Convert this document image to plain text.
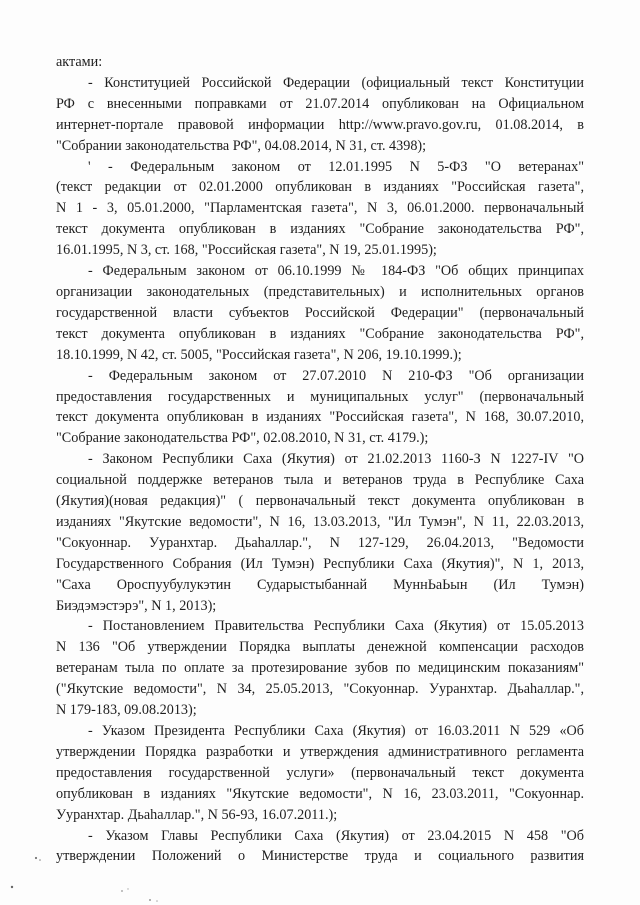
актами:
- Конституцией Российской Федерации (официальный текст Конституции
РФ с внесенными поправками от 21.07.2014 опубликован на Официальном
интернет-портале правовой информации http://www.pravo.gov.ru, 01.08.2014, в
"Собрании законодательства РФ", 04.08.2014, N 31, ст. 4398);
' - Федеральным законом от 12.01.1995 N 5-ФЗ "О ветеранах"
(текст редакции от 02.01.2000 опубликован в изданиях "Российская газета",
N 1 - 3, 05.01.2000, "Парламентская газета", N 3, 06.01.2000. первоначальный
текст документа опубликован в изданиях "Собрание законодательства РФ",
16.01.1995, N 3, ст. 168, "Российская газета", N 19, 25.01.1995);
- Федеральным законом от 06.10.1999 № 184-ФЗ "Об общих принципах
организации законодательных (представительных) и исполнительных органов
государственной власти субъектов Российской Федерации" (первоначальный
текст документа опубликован в изданиях "Собрание законодательства РФ",
18.10.1999, N 42, ст. 5005, "Российская газета", N 206, 19.10.1999.);
- Федеральным законом от 27.07.2010 N 210-ФЗ "Об организации
предоставления государственных и муниципальных услуг" (первоначальный
текст документа опубликован в изданиях "Российская газета", N 168, 30.07.2010,
"Собрание законодательства РФ", 02.08.2010, N 31, ст. 4179.);
- Законом Республики Саха (Якутия) от 21.02.2013 1160-З N 1227-IV "О
социальной поддержке ветеранов тыла и ветеранов труда в Республике Саха
(Якутия)(новая редакция)" ( первоначальный текст документа опубликован в
изданиях "Якутские ведомости", N 16, 13.03.2013, "Ил Тумэн", N 11, 22.03.2013,
"Сокуоннар. Ууранхтар. Дьаhаллар.", N 127-129, 26.04.2013, "Ведомости
Государственного Собрания (Ил Тумэн) Республики Саха (Якутия)", N 1, 2013,
"Саха Ороспуубулукэтин Сударыстыбаннай МуннЬаЬын (Ил Тумэн)
Биэдэмэстэрэ", N 1, 2013);
- Постановлением Правительства Республики Саха (Якутия) от 15.05.2013
N 136 "Об утверждении Порядка выплаты денежной компенсации расходов
ветеранам тыла по оплате за протезирование зубов по медицинским показаниям"
("Якутские ведомости", N 34, 25.05.2013, "Сокуоннар. Ууранхтар. Дьаhаллар.",
N 179-183, 09.08.2013);
- Указом Президента Республики Саха (Якутия) от 16.03.2011 N 529 «Об
утверждении Порядка разработки и утверждения административного регламента
предоставления государственной услуги» (первоначальный текст документа
опубликован в изданиях "Якутские ведомости", N 16, 23.03.2011, "Сокуоннар.
Ууранхтар. Дьаhаллар.", N 56-93, 16.07.2011.);
- Указом Главы Республики Саха (Якутия) от 23.04.2015 N 458 "Об
утверждении Положений о Министерстве труда и социального развития
